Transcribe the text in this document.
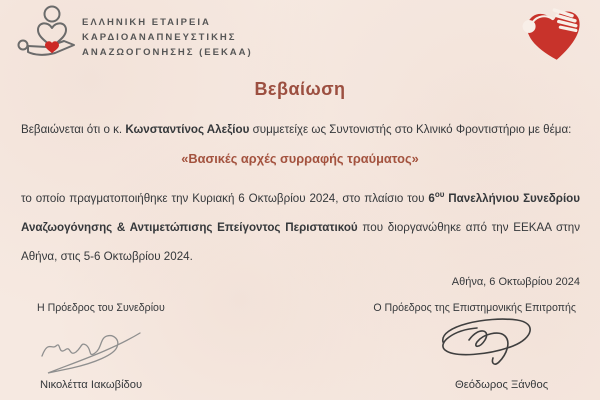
ΕΛΛΗΝΙΚΗ ΕΤΑΙΡΕΙΑ
ΚΑΡΔΙΟΑΝΑΠΝΕΥΣΤΙΚΗΣ
ΑΝΑΖΩΟΓΟΝΗΣΗΣ (ΕΕΚΑΑ)
Βεβαίωση
Βεβαιώνεται ότι ο κ. Κωνσταντίνος Αλεξίου συμμετείχε ως Συντονιστής στο Κλινικό Φροντιστήριο με θέμα:
«Βασικές αρχές συρραφής τραύματος»
το οποίο πραγματοποιήθηκε την Κυριακή 6 Οκτωβρίου 2024, στο πλαίσιο του $6^{o\upsilon}$ Πανελλήνιου Συνεδρίου Αναζωογόνησης & Αντιμετώπισης Επείγοντος Περιστατικού που διοργανώθηκε από την ΕΕΚΑΑ στην Αθήνα, στις 5-6 Οκτωβρίου 2024.
Αθήνα, 6 Οκτωβρίου 2024
Η Πρόεδρος του Συνεδρίου
Νικολέττα Ιακωβίδου
Ο Πρόεδρος της Επιστημονικής Επιτροπής
Θεόδωρος Ξάνθος
